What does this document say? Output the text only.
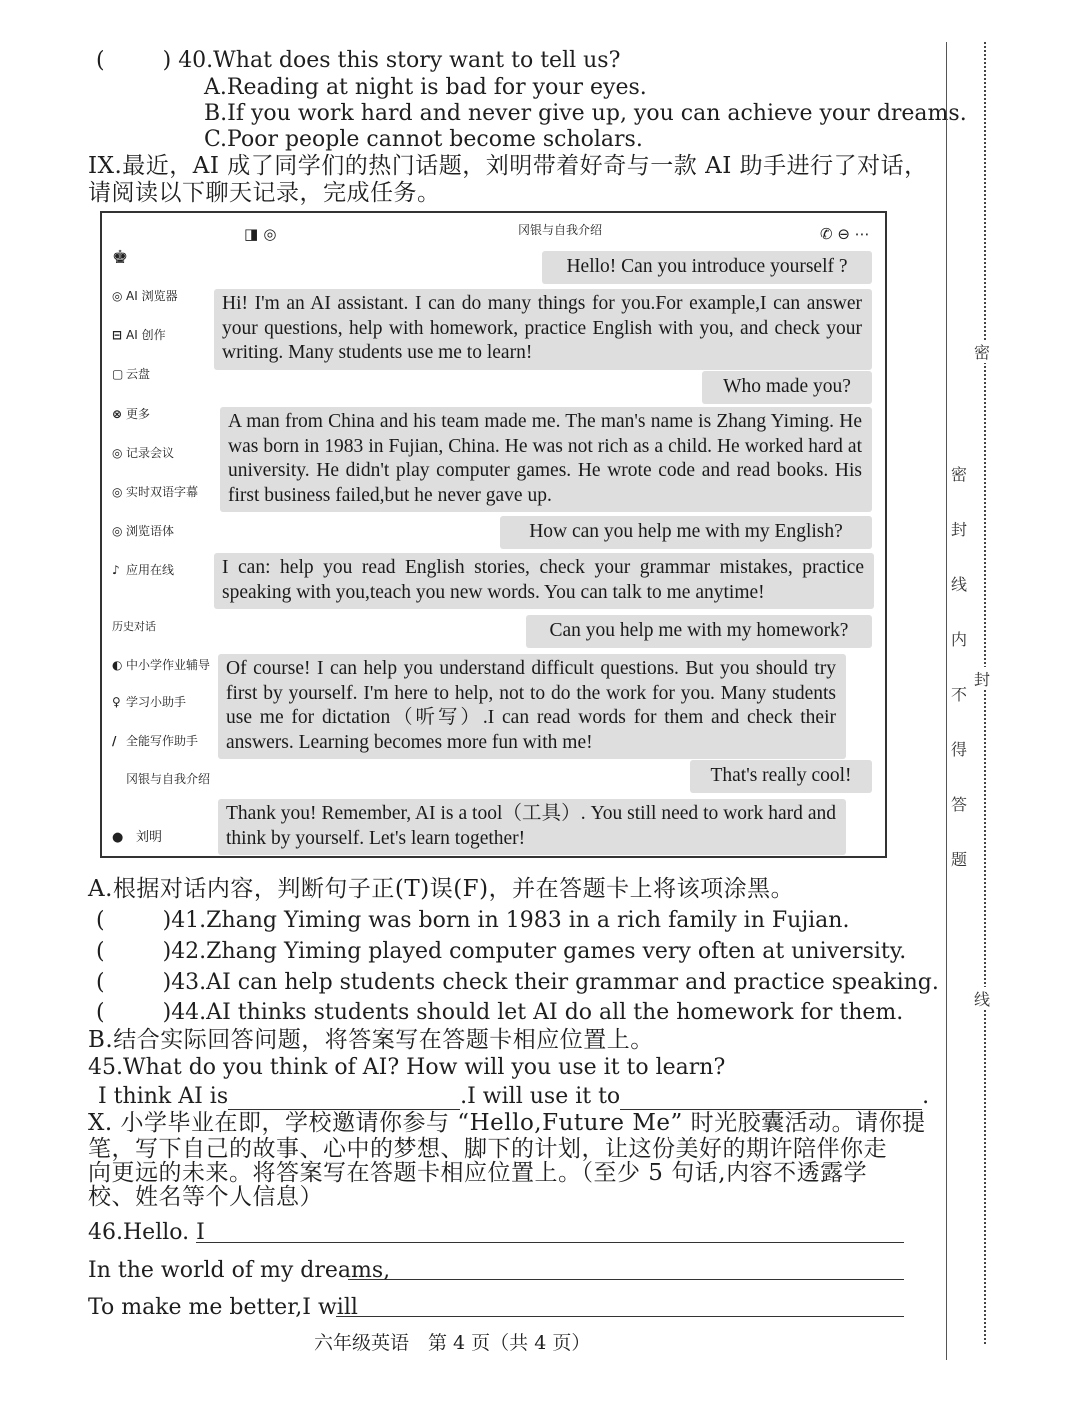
(	) 40.What does this story want to tell us?
A.Reading at night is bad for your eyes.
B.If you work hard and never give up, you can achieve your dreams.
C.Poor people cannot become scholars.
IX.最近，AI 成了同学们的热门话题，刘明带着好奇与一款 AI 助手进行了对话，
请阅读以下聊天记录，完成任务。
◨ ◎	冈银与自我介绍	✆ ⊖ ⋯
♚
◎ AI 浏览器
⊟ AI 创作
▢ 云盘
⊗ 更多
◎ 记录会议
◎ 实时双语字幕
◎ 浏览语体
♪ 应用在线
历史对话
◐ 中小学作业辅导
♀ 学习小助手
/ 全能写作助手
冈银与自我介绍
● 刘明
Hello! Can you introduce yourself ?
Hi! I'm an AI assistant. I can do many things for you.For example,I can answer your questions, help with homework, practice English with you, and check your writing. Many students use me to learn!
Who made you?
A man from China and his team made me. The man's name is Zhang Yiming. He was born in 1983 in Fujian, China. He was not rich as a child. He worked hard at university. He didn't play computer games. He wrote code and read books. His first business failed,but he never gave up.
How can you help me with my English?
I can: help you read English stories, check your grammar mistakes, practice speaking with you,teach you new words. You can talk to me anytime!
Can you help me with my homework?
Of course! I can help you understand difficult questions. But you should try first by yourself. I'm here to help, not to do the work for you. Many students use me for dictation（听写）.I can read words for them and check their answers. Learning becomes more fun with me!
That's really cool!
Thank you! Remember, AI is a tool（工具）. You still need to work hard and think by yourself. Let's learn together!
A.根据对话内容，判断句子正(T)误(F)，并在答题卡上将该项涂黑。
(	)41.Zhang Yiming was born in 1983 in a rich family in Fujian.
(	)42.Zhang Yiming played computer games very often at university.
(	)43.AI can help students check their grammar and practice speaking.
(	)44.AI thinks students should let AI do all the homework for them.
B.结合实际回答问题，将答案写在答题卡相应位置上。
45.What do you think of AI? How will you use it to learn?
I think AI is	.I will use it to	.
X. 小学毕业在即，学校邀请你参与 “Hello,Future Me” 时光胶囊活动。请你提
笔，写下自己的故事、心中的梦想、脚下的计划，让这份美好的期许陪伴你走
向更远的未来。将答案写在答题卡相应位置上。（至少 5 句话,内容不透露学
校、姓名等个人信息）
46.Hello. I
In the world of my dreams,
To make me better,I will
六年级英语　第 4 页（共 4 页）
密
密
封
线
内
不
得
答
题
封
线
